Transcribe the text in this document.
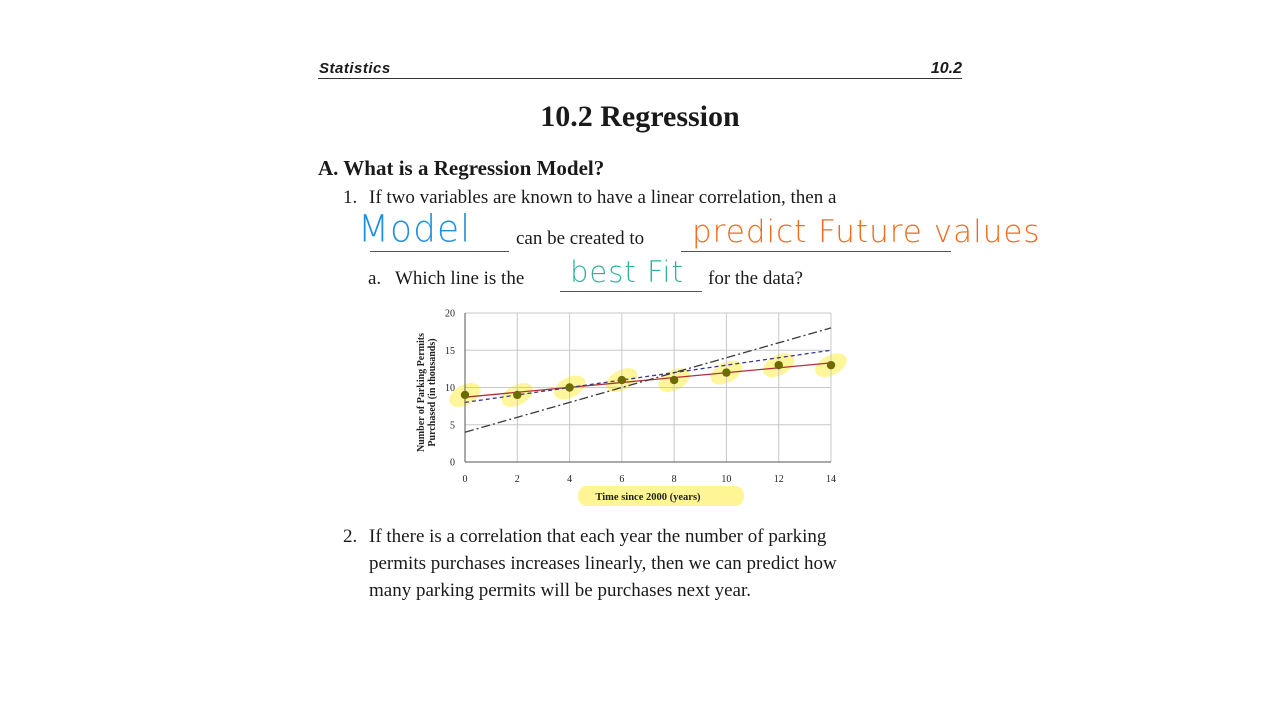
Statistics	10.2
10.2 Regression
A. What is a Regression Model?
1. If two variables are known to have a linear correlation, then a
Model can be created to predict Future values
a. Which line is the best Fit for the data?
0	2	4	6	8	10	12	14
0
5
10
15
20
Time since 2000 (years)
Number of Parking Permits Purchased (in thousands)
2. If there is a correlation that each year the number of parking
permits purchases increases linearly, then we can predict how
many parking permits will be purchases next year.
